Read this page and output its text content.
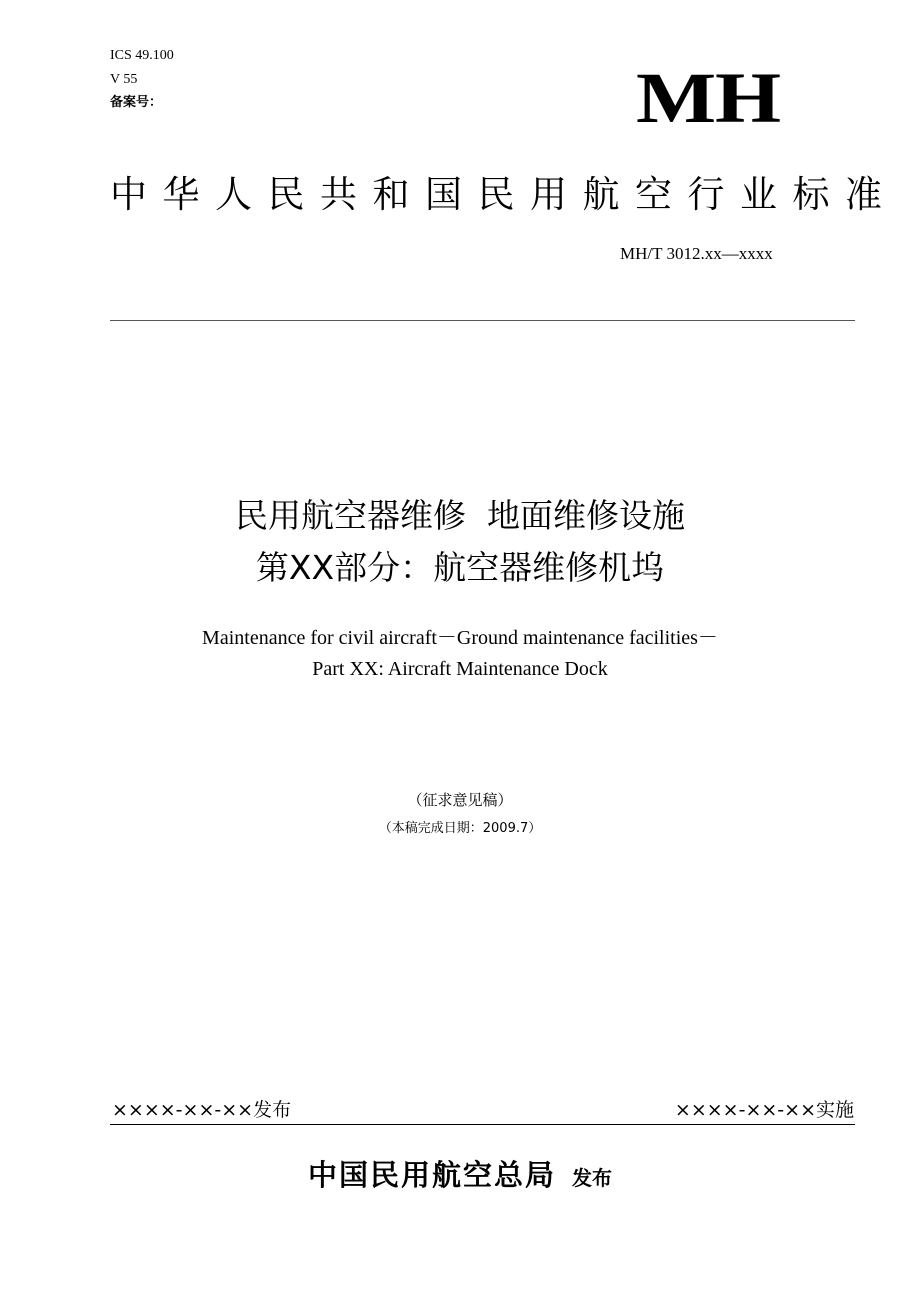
ICS 49.100
V 55
备案号：	MH
中华人民共和国民用航空行业标准
MH/T 3012.xx—xxxx
民用航空器维修  地面维修设施
第XX部分：航空器维修机坞
Maintenance for civil aircraft－Ground maintenance facilities－
Part XX: Aircraft Maintenance Dock
（征求意见稿）
（本稿完成日期：2009.7）
××××-××-××发布	××××-××-××实施
中国民用航空总局 发布
